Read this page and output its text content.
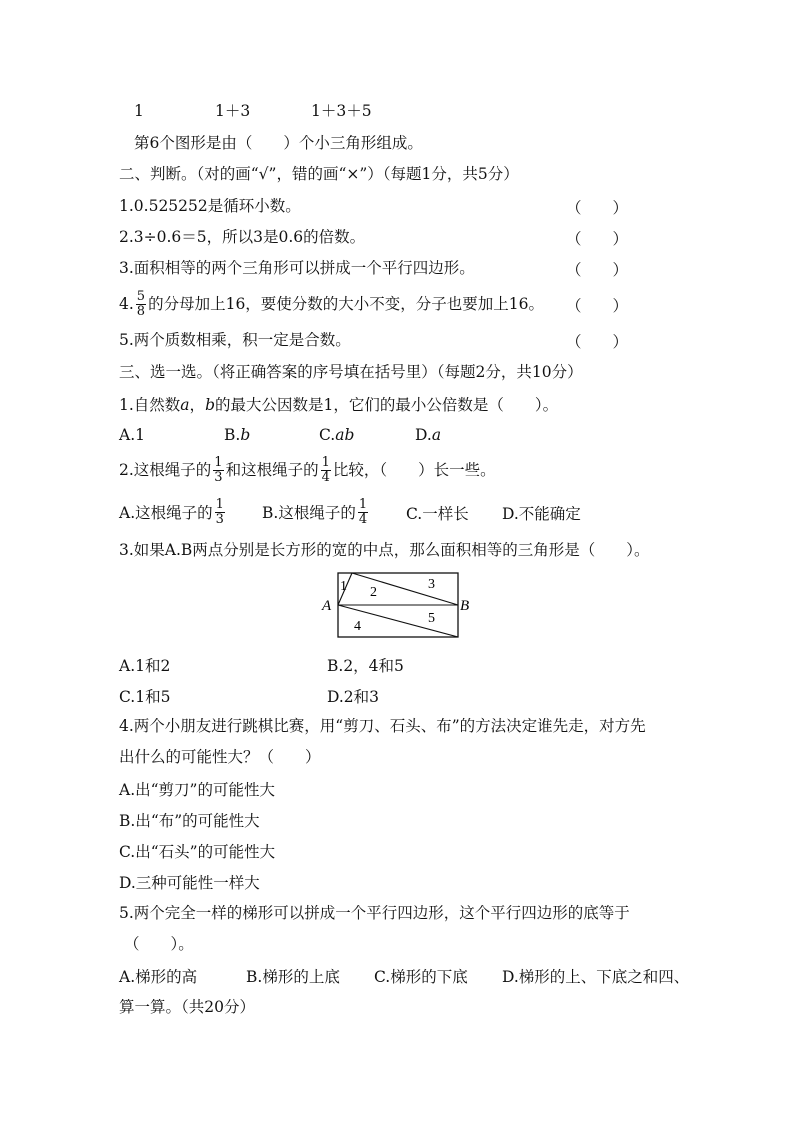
1	1＋3	1＋3＋5
第6个图形是由（　　）个小三角形组成。
二、判断。（对的画“√”，错的画“×”）（每题1分，共5分）
1.0.525252是循环小数。	（　　）
2.3÷0.6＝5，所以3是0.6的倍数。	（　　）
3.面积相等的两个三角形可以拼成一个平行四边形。	（　　）
4. $\frac{5}{8}$ 的分母加上16，要使分数的大小不变，分子也要加上16。 （　　）
5.两个质数相乘，积一定是合数。	（　　）
三、选一选。（将正确答案的序号填在括号里）（每题2分，共10分）
1.自然数a，b的最大公因数是1，它们的最小公倍数是（　　）。
A.1	B.b	C.ab	D.a
2.这根绳子的 $\frac{1}{3}$ 和这根绳子的 $\frac{1}{4}$ 比较，（　　）长一些。
A.这根绳子的 $\frac{1}{3} B$.这根绳子的 $\frac{1}{4} C$.一样长 D.不能确定
3.如果A.B两点分别是长方形的宽的中点，那么面积相等的三角形是（　　）。
A	B
1 2
3
4
5
A.1和2	B.2，4和5
C.1和5	D.2和3
4.两个小朋友进行跳棋比赛，用“剪刀、石头、布”的方法决定谁先走，对方先
出什么的可能性大？（　　）
A.出“剪刀”的可能性大
B.出“布”的可能性大
C.出“石头”的可能性大
D.三种可能性一样大
5.两个完全一样的梯形可以拼成一个平行四边形，这个平行四边形的底等于
（　　）。
A.梯形的高	B.梯形的上底 C.梯形的下底 D.梯形的上、下底之和四、
算一算。（共20分）
